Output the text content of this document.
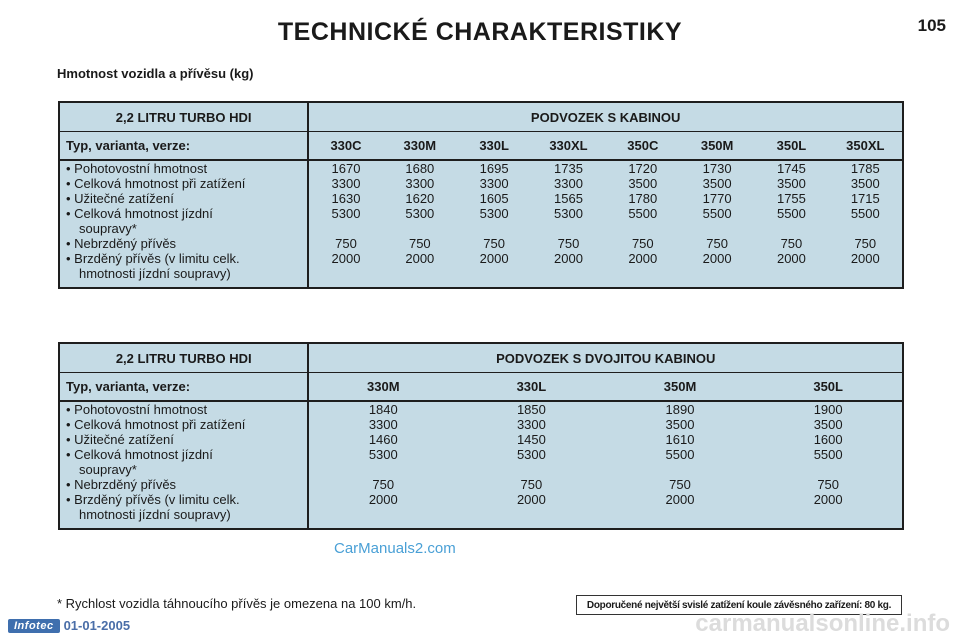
TECHNICKÉ CHARAKTERISTIKY	105
Hmotnost vozidla a přívěsu (kg)
2,2 LITRU TURBO HDI	PODVOZEK S KABINOU							
Typ, varianta, verze:	330C	330M	330L	330XL	350C	350M	350L	350XL
• Pohotovostní hmotnost	1670	1680	1695	1735	1720	1730	1745	1785
• Celková hmotnost při zatížení	3300	3300	3300	3300	3500	3500	3500	3500
• Užitečné zatížení	1630	1620	1605	1565	1780	1770	1755	1715
• Celková hmotnost jízdní
soupravy*	5300	5300	5300	5300	5500	5500	5500	5500
• Nebrzděný přívěs	750	750	750	750	750	750	750	750
• Brzděný přívěs (v limitu celk.
hmotnosti jízdní soupravy)	2000	2000	2000	2000	2000	2000	2000	2000
2,2 LITRU TURBO HDI	PODVOZEK S DVOJITOU KABINOU			
Typ, varianta, verze:	330M	330L	350M	350L
• Pohotovostní hmotnost	1840	1850	1890	1900
• Celková hmotnost při zatížení	3300	3300	3500	3500
• Užitečné zatížení	1460	1450	1610	1600
• Celková hmotnost jízdní
soupravy*	5300	5300	5500	5500
• Nebrzděný přívěs	750	750	750	750
• Brzděný přívěs (v limitu celk.
hmotnosti jízdní soupravy)	2000	2000	2000	2000
CarManuals2.com
* Rychlost vozidla táhnoucího přívěs je omezena na 100 km/h.	Doporučené největší svislé zatížení koule závěsného zařízení: 80 kg.
Infotec 01-01-2005	carmanualsonline.info
